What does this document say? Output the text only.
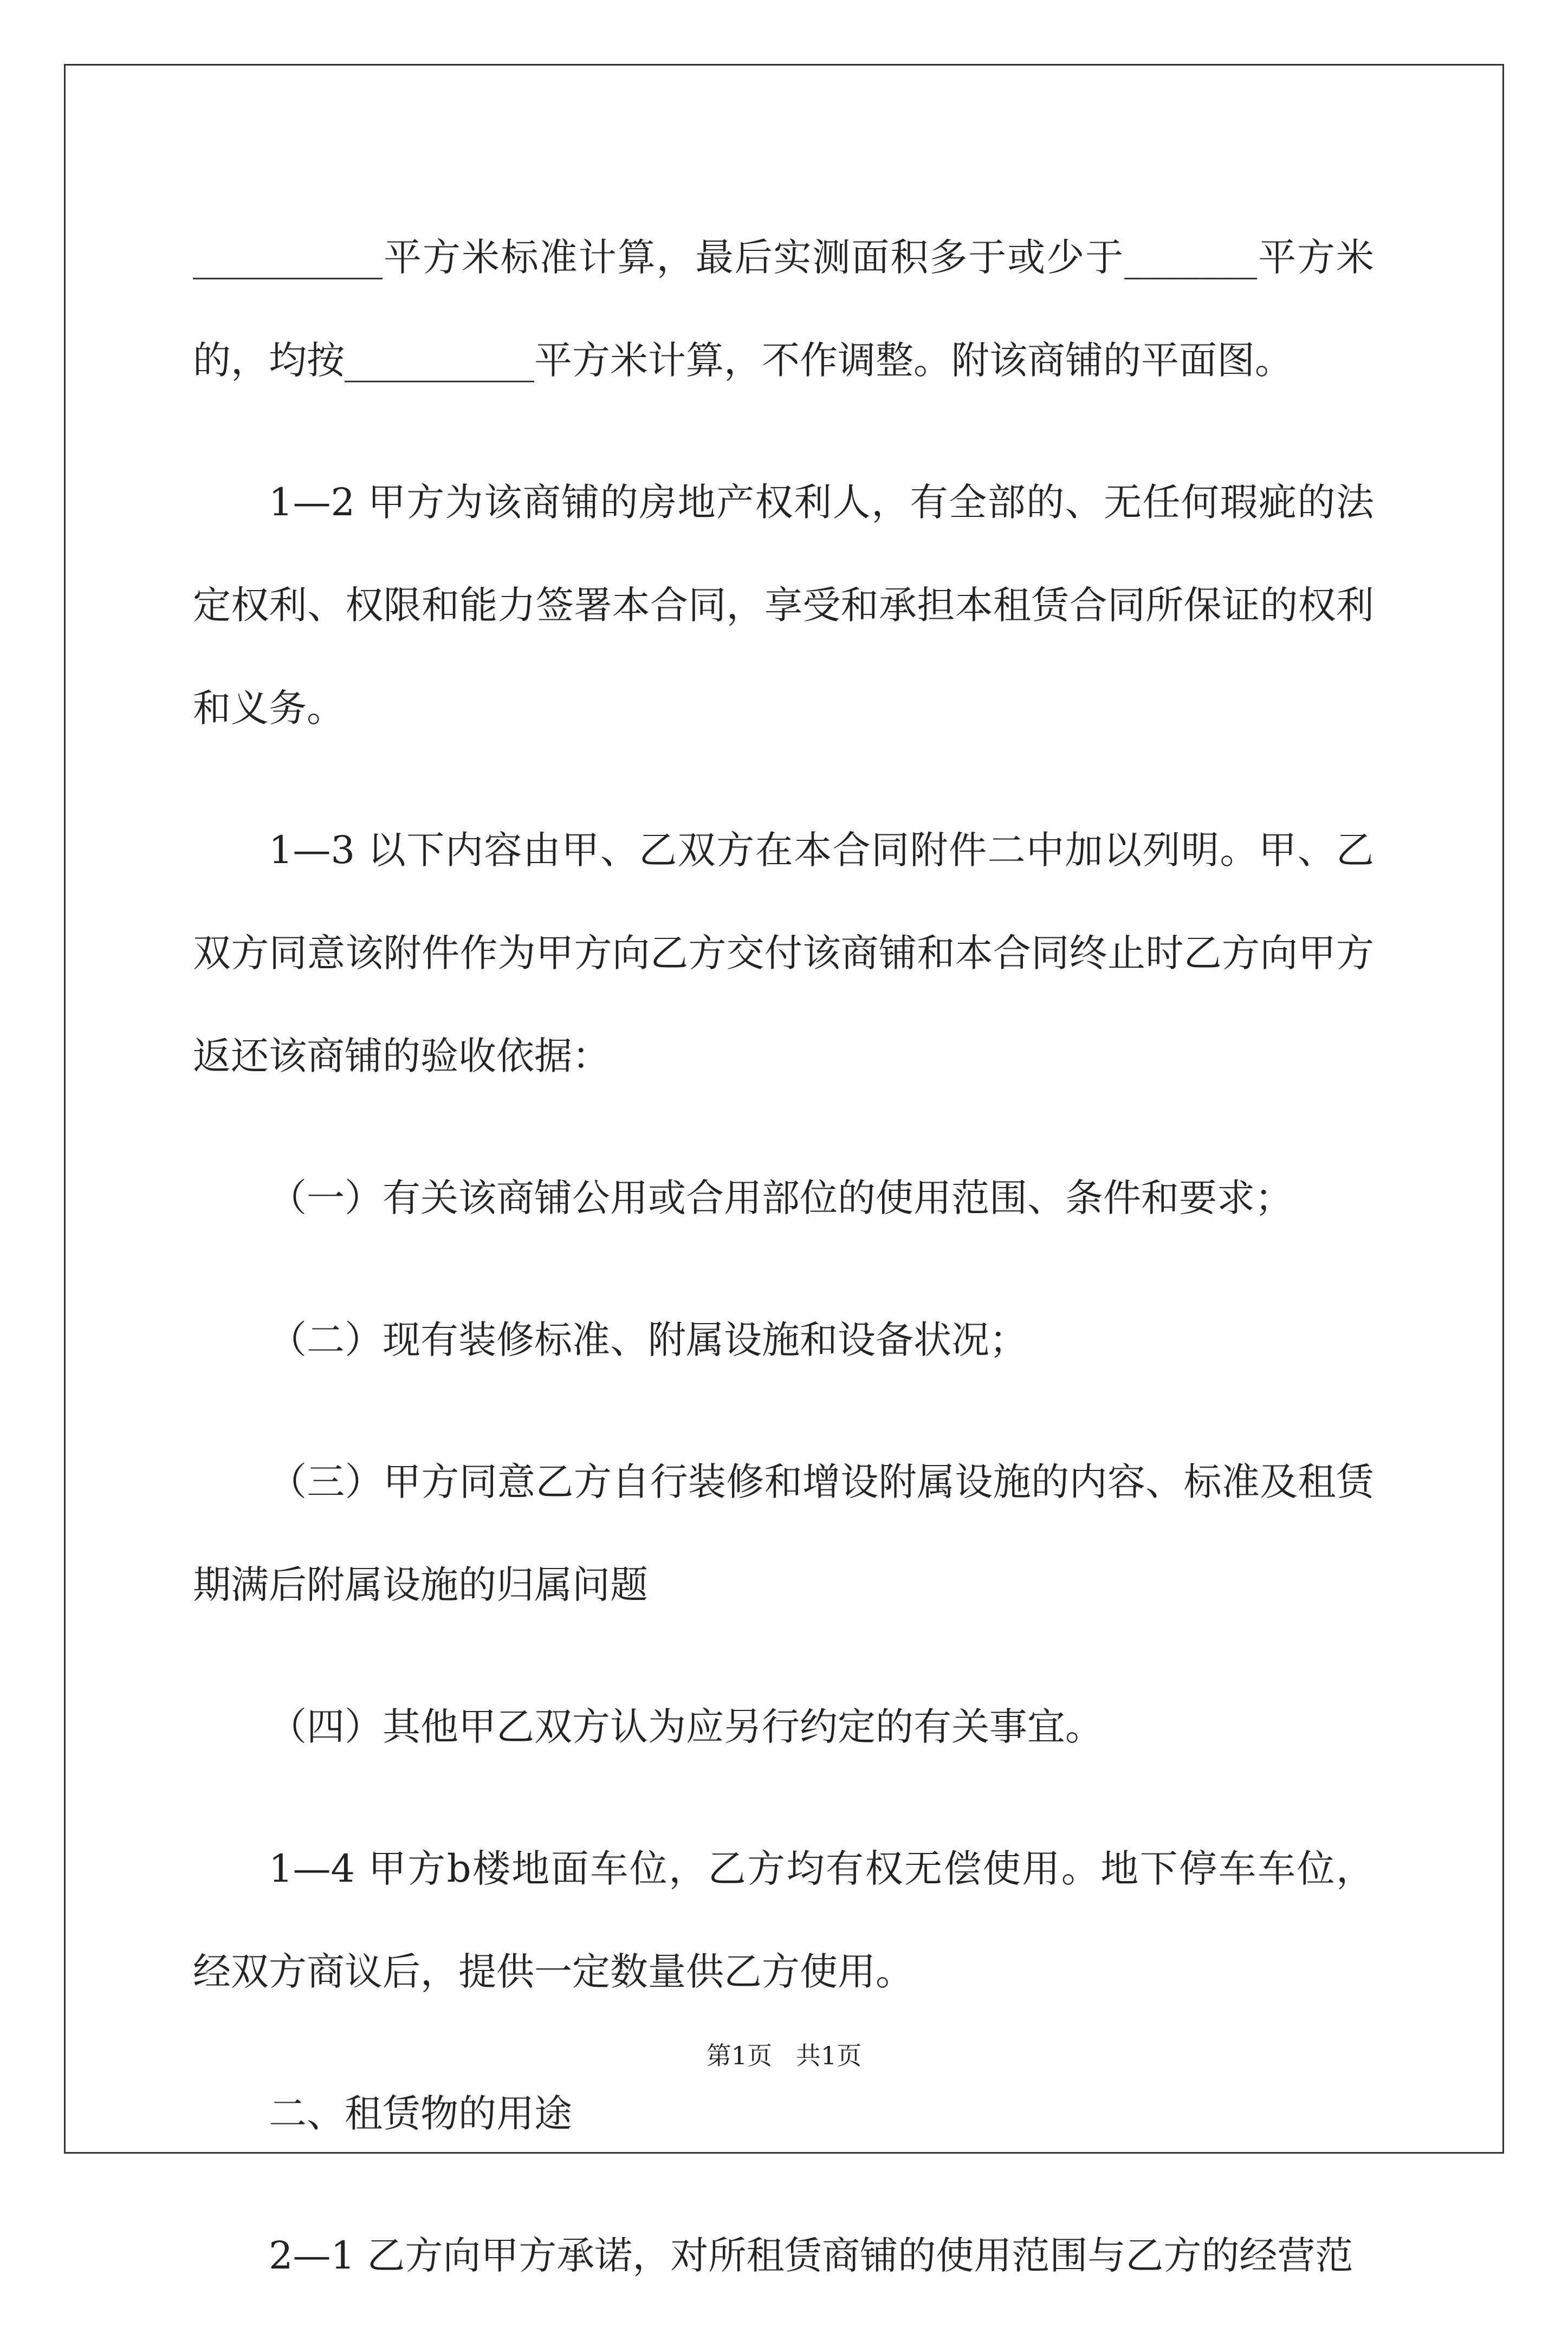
__________平方米标准计算，最后实测面积多于或少于_______平方米的，均按__________平方米计算，不作调整。附该商铺的平面图。

1—2 甲方为该商铺的房地产权利人，有全部的、无任何瑕疵的法定权利、权限和能力签署本合同，享受和承担本租赁合同所保证的权利和义务。

1—3 以下内容由甲、乙双方在本合同附件二中加以列明。甲、乙双方同意该附件作为甲方向乙方交付该商铺和本合同终止时乙方向甲方返还该商铺的验收依据：

（一）有关该商铺公用或合用部位的使用范围、条件和要求；

（二）现有装修标准、附属设施和设备状况；

（三）甲方同意乙方自行装修和增设附属设施的内容、标准及租赁期满后附属设施的归属问题

（四）其他甲乙双方认为应另行约定的有关事宜。

1—4 甲方b楼地面车位，乙方均有权无偿使用。地下停车车位，经双方商议后，提供一定数量供乙方使用。

二、租赁物的用途

2—1 乙方向甲方承诺，对所租赁商铺的使用范围与乙方的经营范

第1页   共1页
